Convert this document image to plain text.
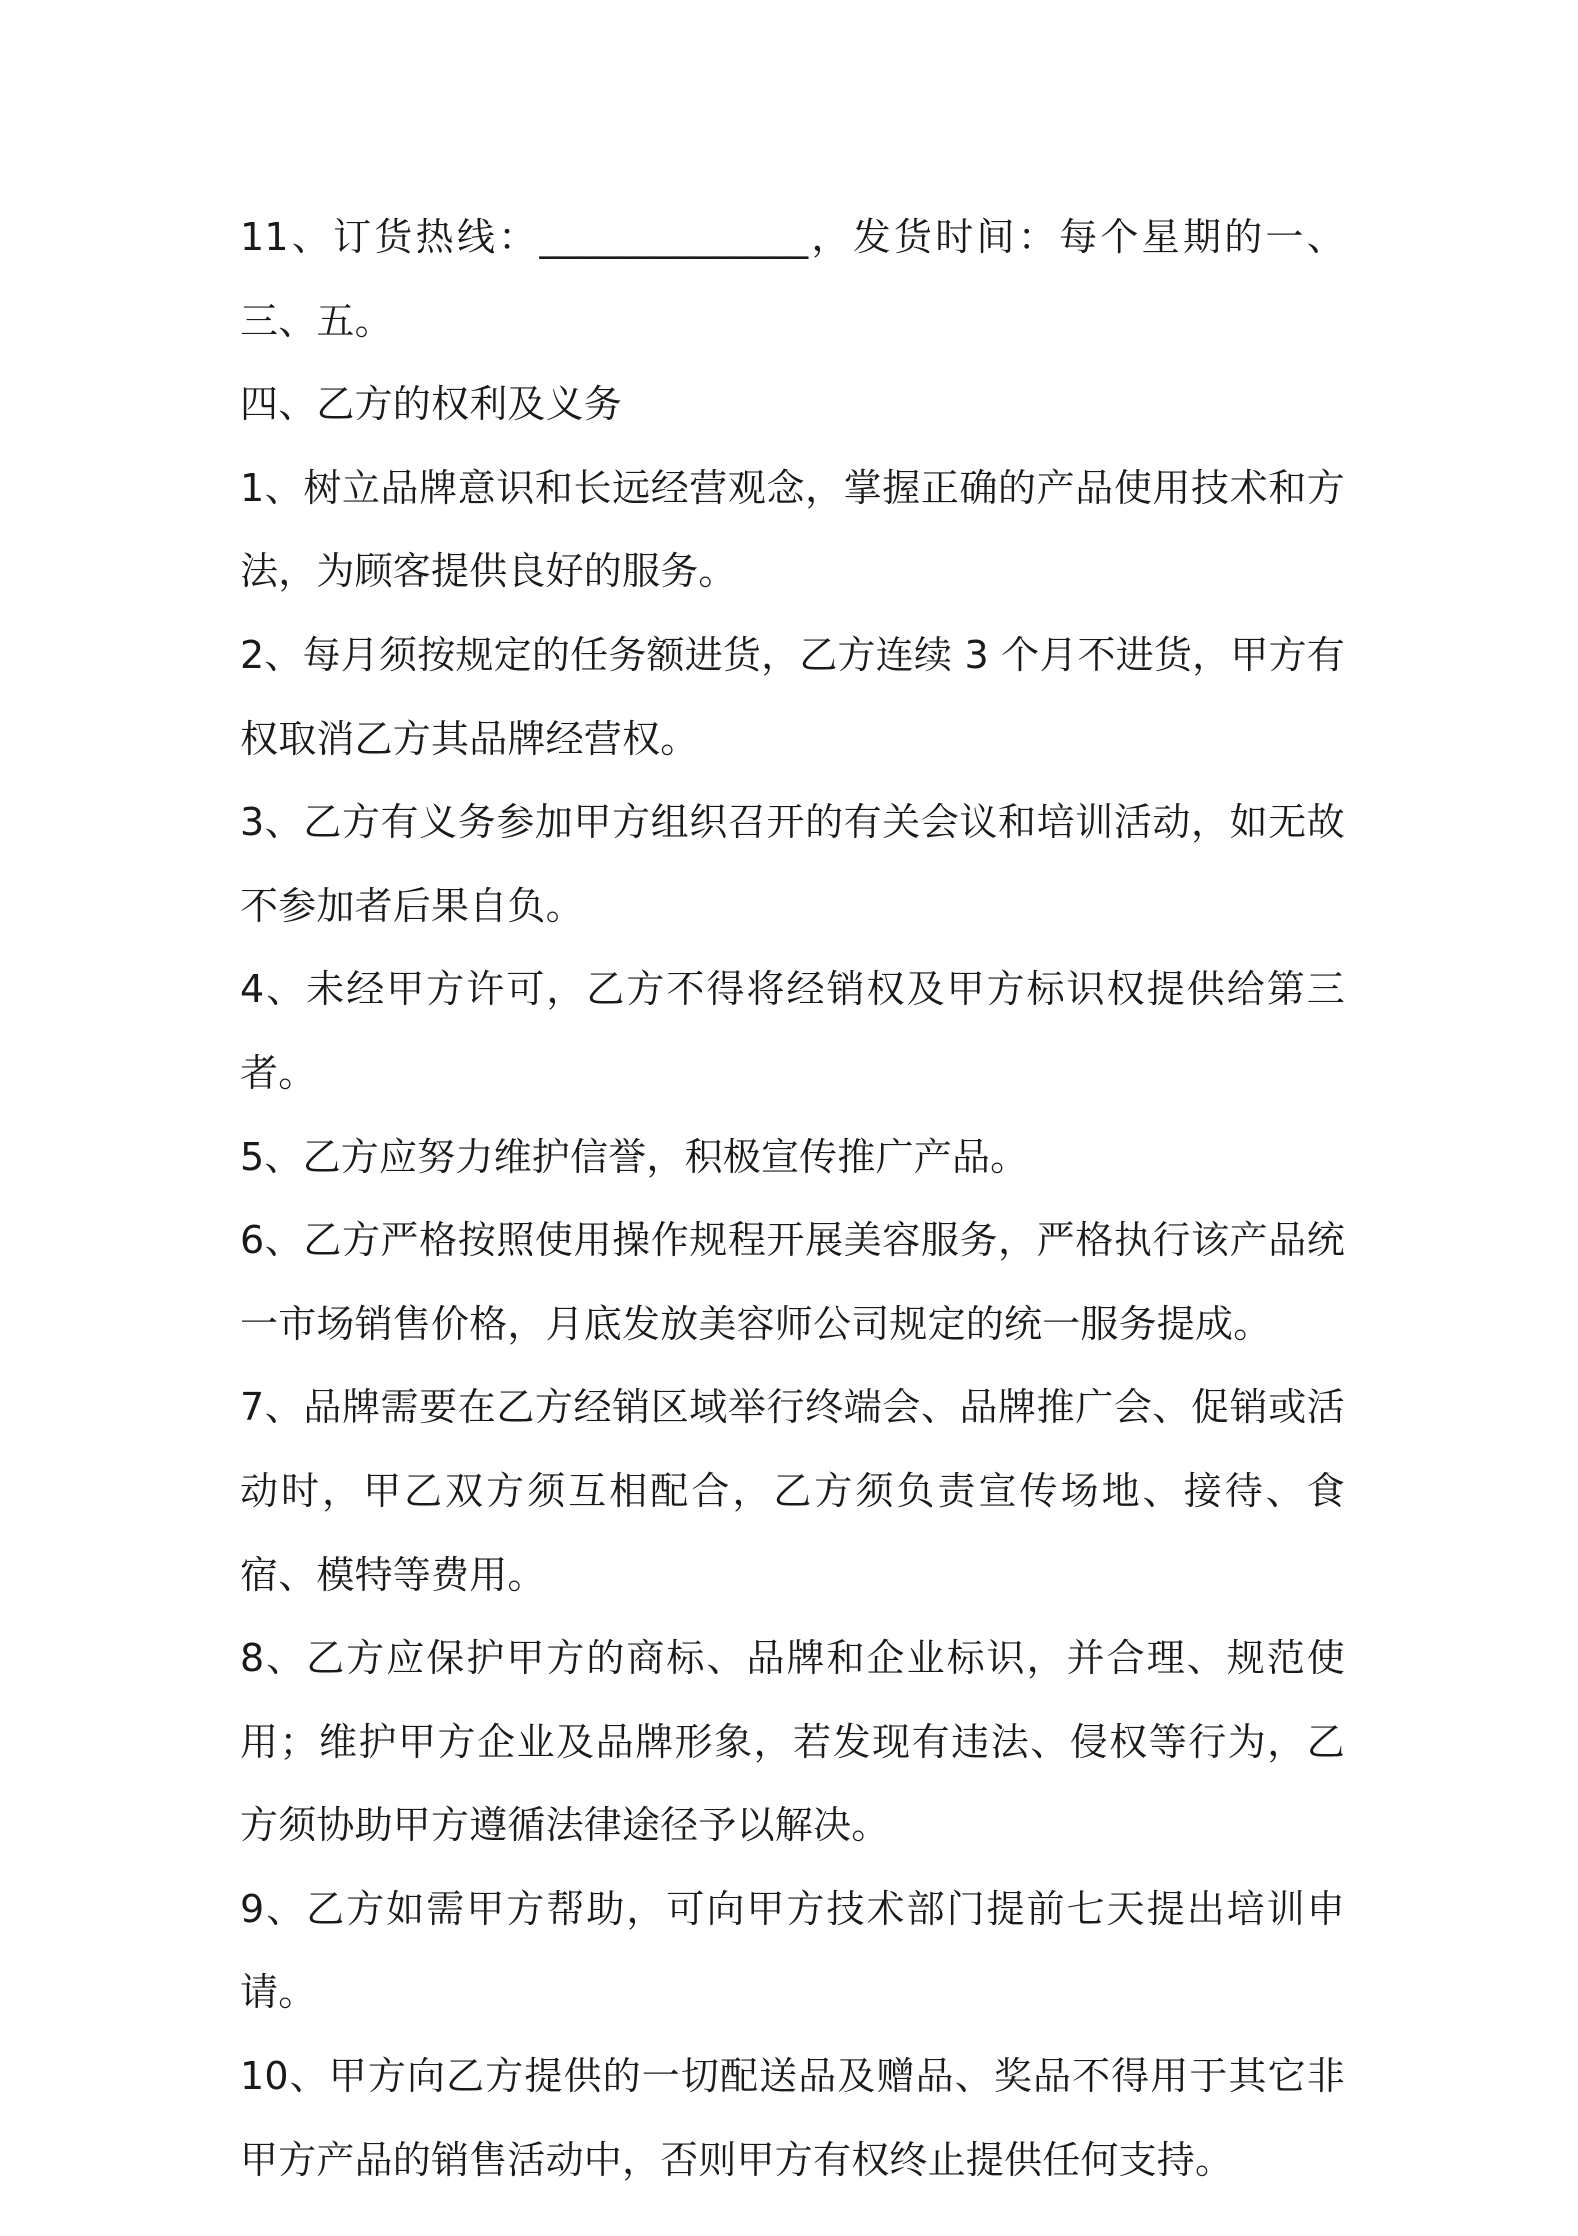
11、订货热线：______________，发货时间：每个星期的一、三、五。

四、乙方的权利及义务

1、树立品牌意识和长远经营观念，掌握正确的产品使用技术和方法，为顾客提供良好的服务。

2、每月须按规定的任务额进货，乙方连续 3 个月不进货，甲方有权取消乙方其品牌经营权。

3、乙方有义务参加甲方组织召开的有关会议和培训活动，如无故不参加者后果自负。

4、未经甲方许可，乙方不得将经销权及甲方标识权提供给第三者。

5、乙方应努力维护信誉，积极宣传推广产品。

6、乙方严格按照使用操作规程开展美容服务，严格执行该产品统一市场销售价格，月底发放美容师公司规定的统一服务提成。

7、品牌需要在乙方经销区域举行终端会、品牌推广会、促销或活动时，甲乙双方须互相配合，乙方须负责宣传场地、接待、食宿、模特等费用。

8、乙方应保护甲方的商标、品牌和企业标识，并合理、规范使用；维护甲方企业及品牌形象，若发现有违法、侵权等行为，乙方须协助甲方遵循法律途径予以解决。

9、乙方如需甲方帮助，可向甲方技术部门提前七天提出培训申请。

10、甲方向乙方提供的一切配送品及赠品、奖品不得用于其它非甲方产品的销售活动中，否则甲方有权终止提供任何支持。
